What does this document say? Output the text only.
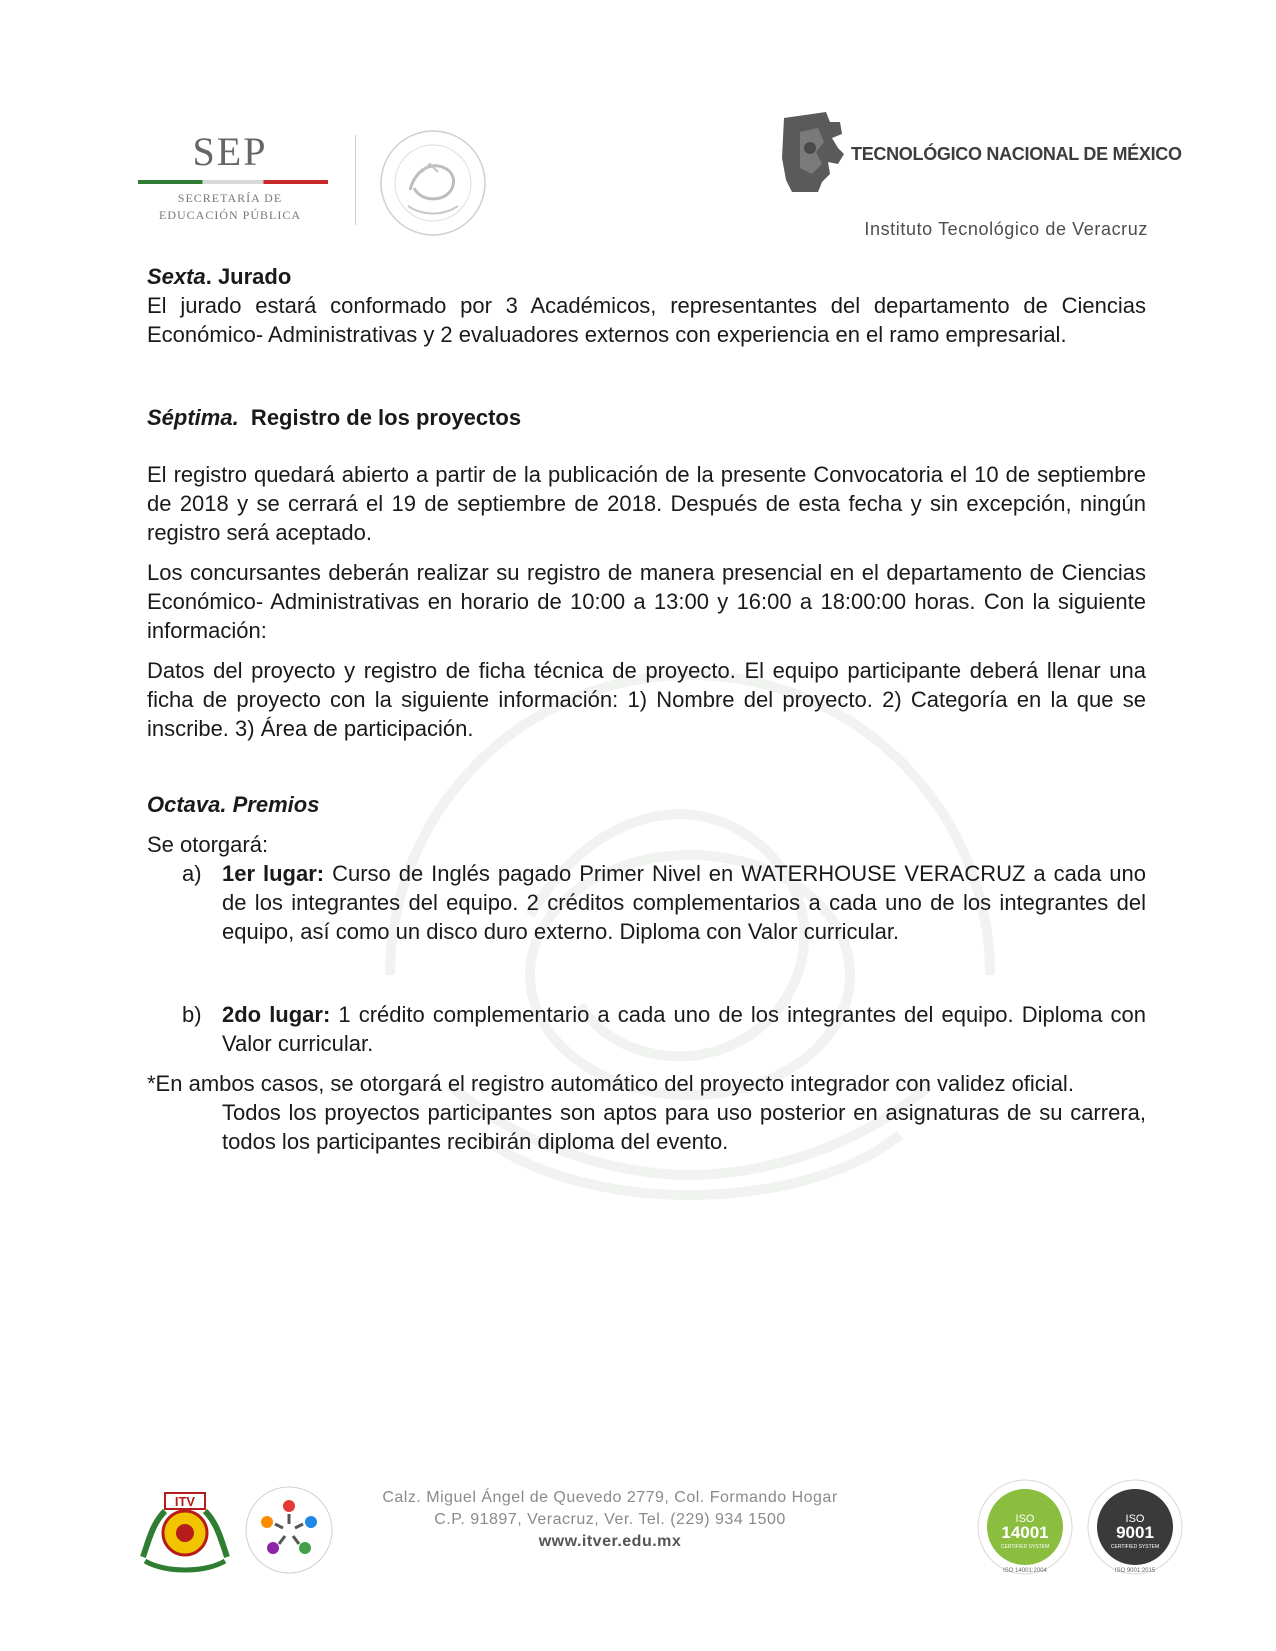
SEP
SECRETARÍA DE
EDUCACIÓN PÚBLICA
TECNOLÓGICO NACIONAL DE MÉXICO
Instituto Tecnológico de Veracruz

Sexta. Jurado

El jurado estará conformado por 3 Académicos, representantes del departamento de Ciencias Económico- Administrativas y 2 evaluadores externos con experiencia en el ramo empresarial.

Séptima.  Registro de los proyectos

El registro quedará abierto a partir de la publicación de la presente Convocatoria el 10 de septiembre de 2018 y se cerrará el 19 de septiembre de 2018. Después de esta fecha y sin excepción, ningún registro será aceptado.

Los concursantes deberán realizar su registro de manera presencial en el departamento de Ciencias Económico- Administrativas en horario de 10:00 a 13:00 y 16:00 a 18:00:00 horas. Con la siguiente información:

Datos del proyecto y registro de ficha técnica de proyecto. El equipo participante deberá llenar una ficha de proyecto con la siguiente información: 1) Nombre del proyecto. 2) Categoría en la que se inscribe. 3) Área de participación.

Octava. Premios

Se otorgará:

a) 1er lugar: Curso de Inglés pagado Primer Nivel en WATERHOUSE VERACRUZ a cada uno de los integrantes del equipo. 2 créditos complementarios a cada uno de los integrantes del equipo, así como un disco duro externo. Diploma con Valor curricular.
b) 2do lugar: 1 crédito complementario a cada uno de los integrantes del equipo. Diploma con Valor curricular.

*En ambos casos, se otorgará el registro automático del proyecto integrador con validez oficial.

Todos los proyectos participantes son aptos para uso posterior en asignaturas de su carrera, todos los participantes recibirán diploma del evento.

ITV	Calz. Miguel Ángel de Quevedo 2779, Col. Formando Hogar
C.P. 91897, Veracruz, Ver. Tel. (229) 934 1500
www.itver.edu.mx
ISO
14001
CERTIFIED SYSTEM
ISO 14001:2004
ISO
9001
CERTIFIED SYSTEM
ISO 9001:2015
